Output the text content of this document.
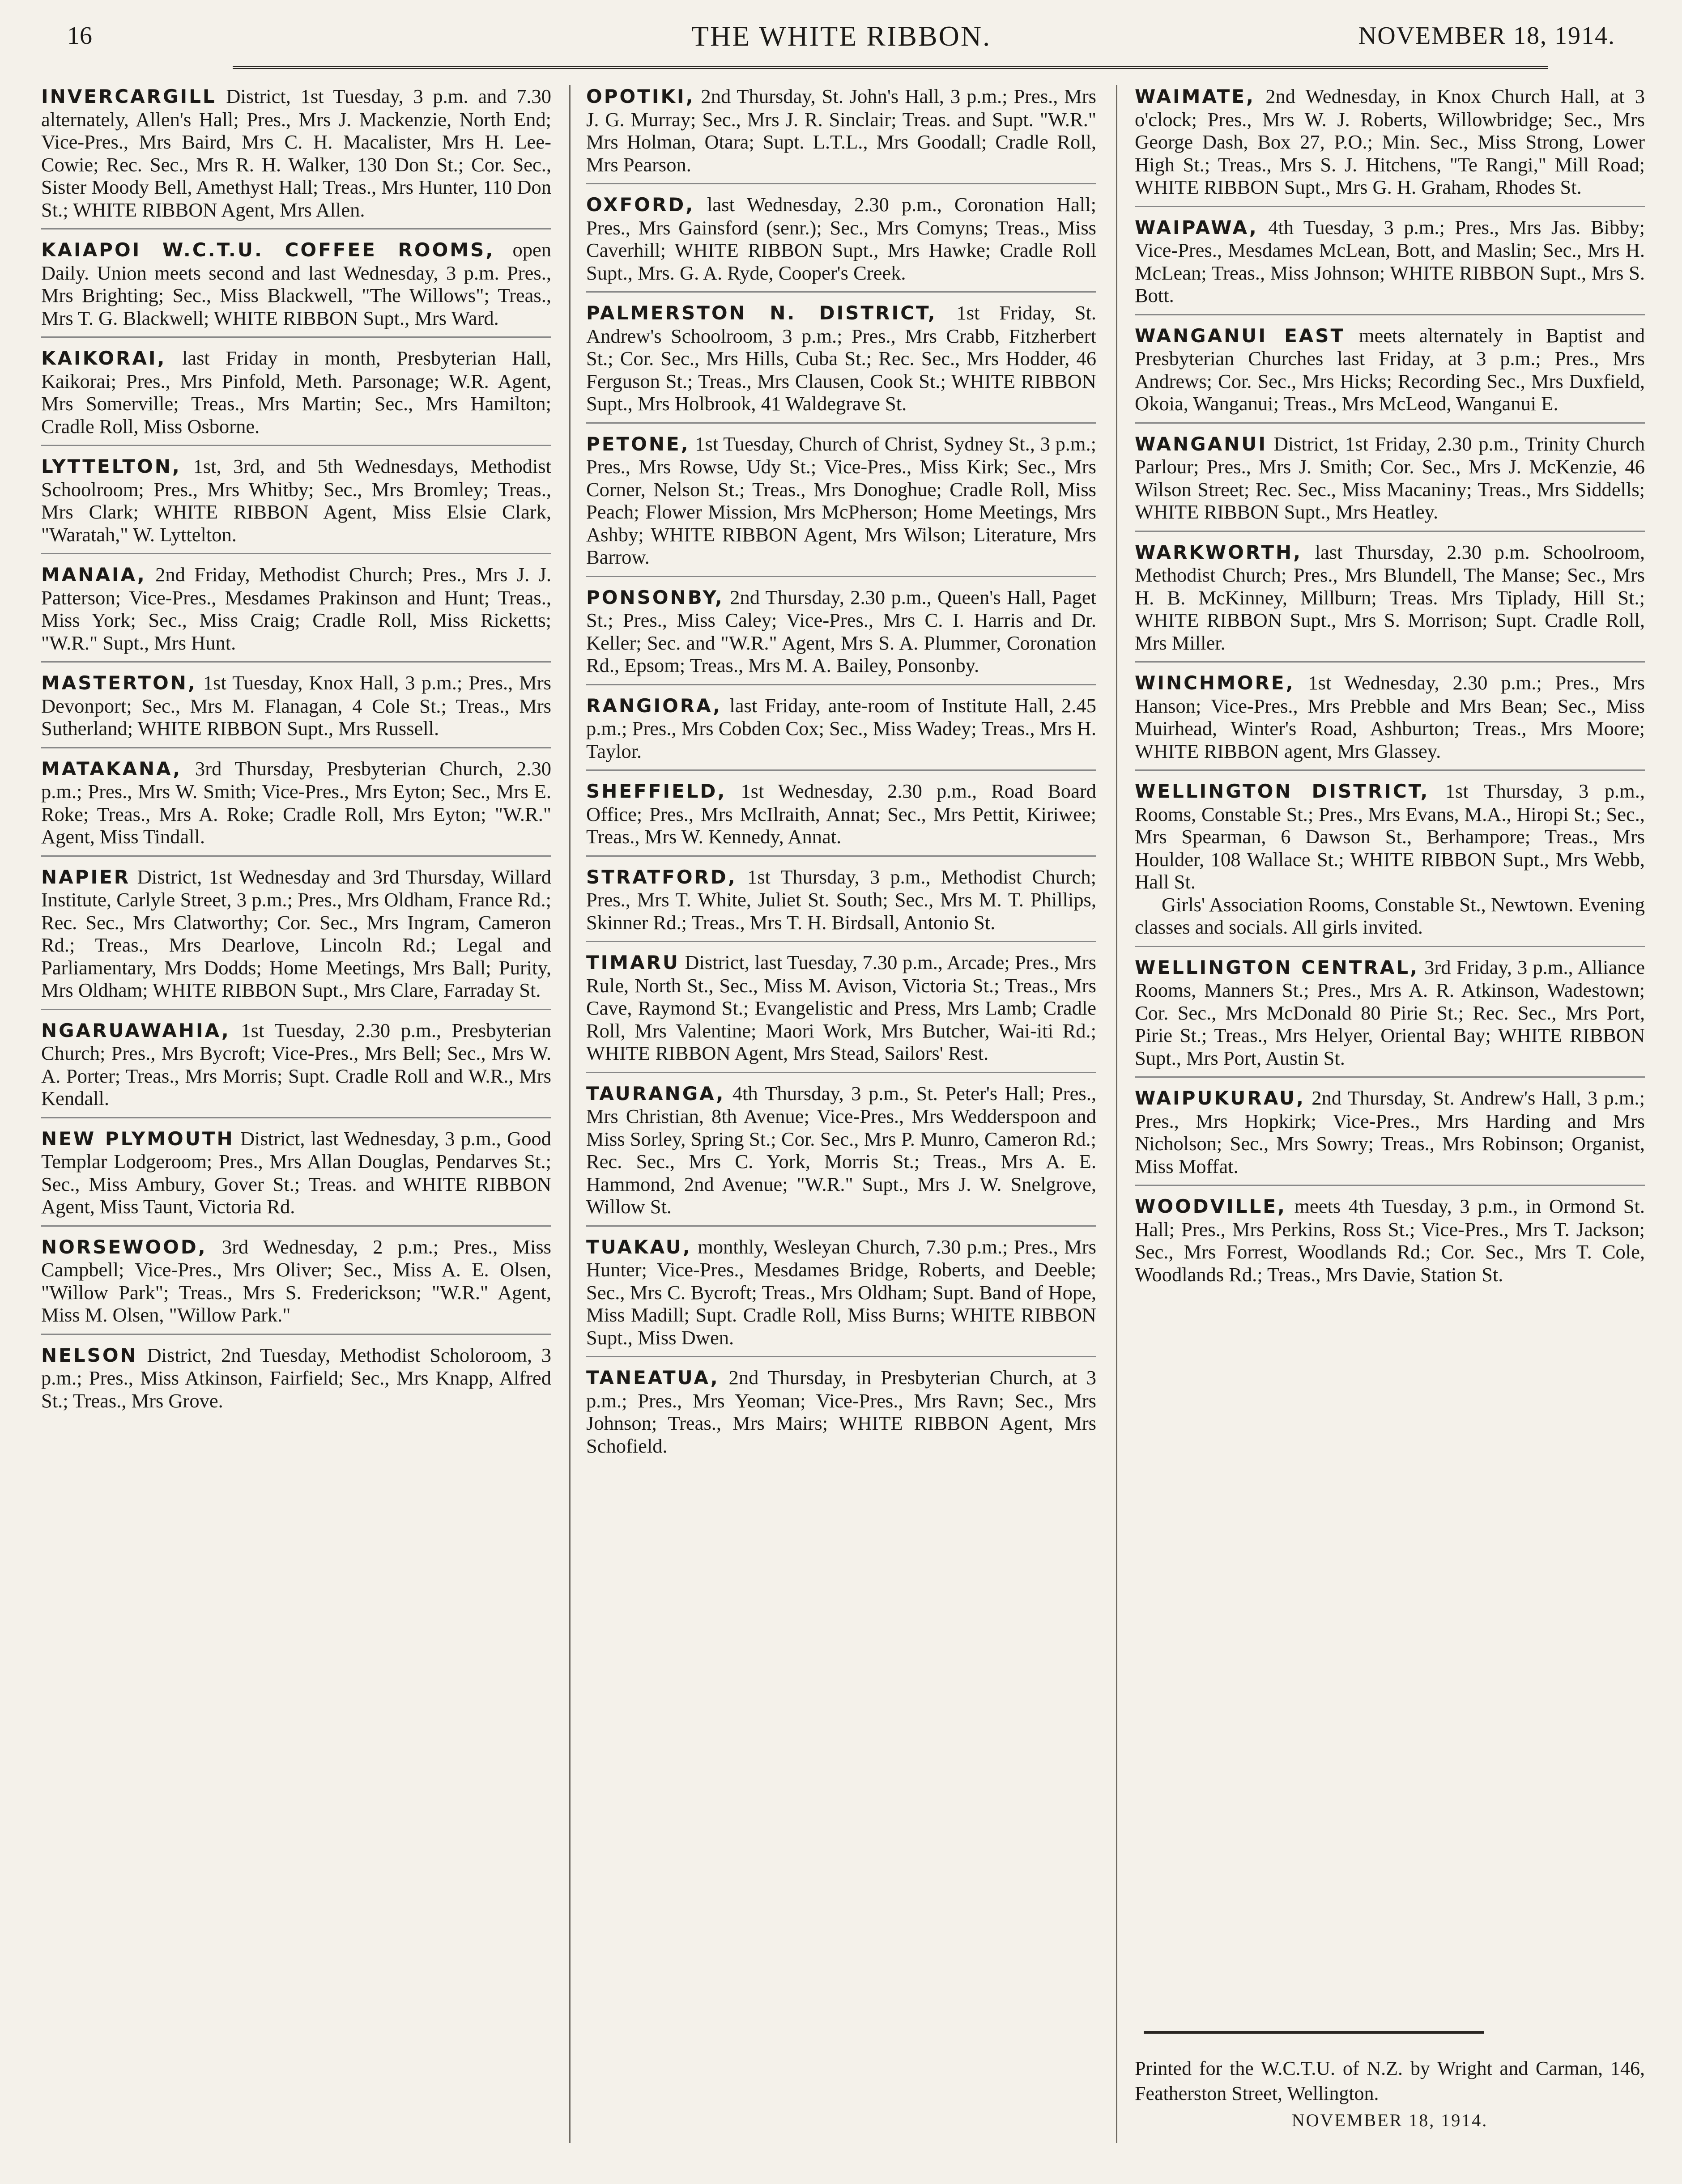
16	THE WHITE RIBBON.	NOVEMBER 18, 1914.
INVERCARGILL District, 1st Tuesday, 3 p.m. and 7.30 alternately, Allen's Hall; Pres., Mrs J. Mackenzie, North End; Vice-Pres., Mrs Baird, Mrs C. H. Macalister, Mrs H. Lee-Cowie; Rec. Sec., Mrs R. H. Walker, 130 Don St.; Cor. Sec., Sister Moody Bell, Amethyst Hall; Treas., Mrs Hunter, 110 Don St.; WHITE RIBBON Agent, Mrs Allen.
KAIAPOI W.C.T.U. COFFEE ROOMS, open Daily. Union meets second and last Wednesday, 3 p.m. Pres., Mrs Brighting; Sec., Miss Blackwell, "The Willows"; Treas., Mrs T. G. Blackwell; WHITE RIBBON Supt., Mrs Ward.
KAIKORAI, last Friday in month, Presbyterian Hall, Kaikorai; Pres., Mrs Pinfold, Meth. Parsonage; W.R. Agent, Mrs Somerville; Treas., Mrs Martin; Sec., Mrs Hamilton; Cradle Roll, Miss Osborne.
LYTTELTON, 1st, 3rd, and 5th Wednesdays, Methodist Schoolroom; Pres., Mrs Whitby; Sec., Mrs Bromley; Treas., Mrs Clark; WHITE RIBBON Agent, Miss Elsie Clark, "Waratah," W. Lyttelton.
MANAIA, 2nd Friday, Methodist Church; Pres., Mrs J. J. Patterson; Vice-Pres., Mesdames Prakinson and Hunt; Treas., Miss York; Sec., Miss Craig; Cradle Roll, Miss Ricketts; "W.R." Supt., Mrs Hunt.
MASTERTON, 1st Tuesday, Knox Hall, 3 p.m.; Pres., Mrs Devonport; Sec., Mrs M. Flanagan, 4 Cole St.; Treas., Mrs Sutherland; WHITE RIBBON Supt., Mrs Russell.
MATAKANA, 3rd Thursday, Presbyterian Church, 2.30 p.m.; Pres., Mrs W. Smith; Vice-Pres., Mrs Eyton; Sec., Mrs E. Roke; Treas., Mrs A. Roke; Cradle Roll, Mrs Eyton; "W.R." Agent, Miss Tindall.
NAPIER District, 1st Wednesday and 3rd Thursday, Willard Institute, Carlyle Street, 3 p.m.; Pres., Mrs Oldham, France Rd.; Rec. Sec., Mrs Clatworthy; Cor. Sec., Mrs Ingram, Cameron Rd.; Treas., Mrs Dearlove, Lincoln Rd.; Legal and Parliamentary, Mrs Dodds; Home Meetings, Mrs Ball; Purity, Mrs Oldham; WHITE RIBBON Supt., Mrs Clare, Farraday St.
NGARUAWAHIA, 1st Tuesday, 2.30 p.m., Presbyterian Church; Pres., Mrs Bycroft; Vice-Pres., Mrs Bell; Sec., Mrs W. A. Porter; Treas., Mrs Morris; Supt. Cradle Roll and W.R., Mrs Kendall.
NEW PLYMOUTH District, last Wednesday, 3 p.m., Good Templar Lodgeroom; Pres., Mrs Allan Douglas, Pendarves St.; Sec., Miss Ambury, Gover St.; Treas. and WHITE RIBBON Agent, Miss Taunt, Victoria Rd.
NORSEWOOD, 3rd Wednesday, 2 p.m.; Pres., Miss Campbell; Vice-Pres., Mrs Oliver; Sec., Miss A. E. Olsen, "Willow Park"; Treas., Mrs S. Frederickson; "W.R." Agent, Miss M. Olsen, "Willow Park."
NELSON District, 2nd Tuesday, Methodist Scholoroom, 3 p.m.; Pres., Miss Atkinson, Fairfield; Sec., Mrs Knapp, Alfred St.; Treas., Mrs Grove.
OPOTIKI, 2nd Thursday, St. John's Hall, 3 p.m.; Pres., Mrs J. G. Murray; Sec., Mrs J. R. Sinclair; Treas. and Supt. "W.R." Mrs Holman, Otara; Supt. L.T.L., Mrs Goodall; Cradle Roll, Mrs Pearson.
OXFORD, last Wednesday, 2.30 p.m., Coronation Hall; Pres., Mrs Gainsford (senr.); Sec., Mrs Comyns; Treas., Miss Caverhill; WHITE RIBBON Supt., Mrs Hawke; Cradle Roll Supt., Mrs. G. A. Ryde, Cooper's Creek.
PALMERSTON N. DISTRICT, 1st Friday, St. Andrew's Schoolroom, 3 p.m.; Pres., Mrs Crabb, Fitzherbert St.; Cor. Sec., Mrs Hills, Cuba St.; Rec. Sec., Mrs Hodder, 46 Ferguson St.; Treas., Mrs Clausen, Cook St.; WHITE RIBBON Supt., Mrs Holbrook, 41 Waldegrave St.
PETONE, 1st Tuesday, Church of Christ, Sydney St., 3 p.m.; Pres., Mrs Rowse, Udy St.; Vice-Pres., Miss Kirk; Sec., Mrs Corner, Nelson St.; Treas., Mrs Donoghue; Cradle Roll, Miss Peach; Flower Mission, Mrs McPherson; Home Meetings, Mrs Ashby; WHITE RIBBON Agent, Mrs Wilson; Literature, Mrs Barrow.
PONSONBY, 2nd Thursday, 2.30 p.m., Queen's Hall, Paget St.; Pres., Miss Caley; Vice-Pres., Mrs C. I. Harris and Dr. Keller; Sec. and "W.R." Agent, Mrs S. A. Plummer, Coronation Rd., Epsom; Treas., Mrs M. A. Bailey, Ponsonby.
RANGIORA, last Friday, ante-room of Institute Hall, 2.45 p.m.; Pres., Mrs Cobden Cox; Sec., Miss Wadey; Treas., Mrs H. Taylor.
SHEFFIELD, 1st Wednesday, 2.30 p.m., Road Board Office; Pres., Mrs McIlraith, Annat; Sec., Mrs Pettit, Kiriwee; Treas., Mrs W. Kennedy, Annat.
STRATFORD, 1st Thursday, 3 p.m., Methodist Church; Pres., Mrs T. White, Juliet St. South; Sec., Mrs M. T. Phillips, Skinner Rd.; Treas., Mrs T. H. Birdsall, Antonio St.
TIMARU District, last Tuesday, 7.30 p.m., Arcade; Pres., Mrs Rule, North St., Sec., Miss M. Avison, Victoria St.; Treas., Mrs Cave, Raymond St.; Evangelistic and Press, Mrs Lamb; Cradle Roll, Mrs Valentine; Maori Work, Mrs Butcher, Wai-iti Rd.; WHITE RIBBON Agent, Mrs Stead, Sailors' Rest.
TAURANGA, 4th Thursday, 3 p.m., St. Peter's Hall; Pres., Mrs Christian, 8th Avenue; Vice-Pres., Mrs Wedderspoon and Miss Sorley, Spring St.; Cor. Sec., Mrs P. Munro, Cameron Rd.; Rec. Sec., Mrs C. York, Morris St.; Treas., Mrs A. E. Hammond, 2nd Avenue; "W.R." Supt., Mrs J. W. Snelgrove, Willow St.
TUAKAU, monthly, Wesleyan Church, 7.30 p.m.; Pres., Mrs Hunter; Vice-Pres., Mesdames Bridge, Roberts, and Deeble; Sec., Mrs C. Bycroft; Treas., Mrs Oldham; Supt. Band of Hope, Miss Madill; Supt. Cradle Roll, Miss Burns; WHITE RIBBON Supt., Miss Dwen.
TANEATUA, 2nd Thursday, in Presbyterian Church, at 3 p.m.; Pres., Mrs Yeoman; Vice-Pres., Mrs Ravn; Sec., Mrs Johnson; Treas., Mrs Mairs; WHITE RIBBON Agent, Mrs Schofield.
WAIMATE, 2nd Wednesday, in Knox Church Hall, at 3 o'clock; Pres., Mrs W. J. Roberts, Willowbridge; Sec., Mrs George Dash, Box 27, P.O.; Min. Sec., Miss Strong, Lower High St.; Treas., Mrs S. J. Hitchens, "Te Rangi," Mill Road; WHITE RIBBON Supt., Mrs G. H. Graham, Rhodes St.
WAIPAWA, 4th Tuesday, 3 p.m.; Pres., Mrs Jas. Bibby; Vice-Pres., Mesdames McLean, Bott, and Maslin; Sec., Mrs H. McLean; Treas., Miss Johnson; WHITE RIBBON Supt., Mrs S. Bott.
WANGANUI EAST meets alternately in Baptist and Presbyterian Churches last Friday, at 3 p.m.; Pres., Mrs Andrews; Cor. Sec., Mrs Hicks; Recording Sec., Mrs Duxfield, Okoia, Wanganui; Treas., Mrs McLeod, Wanganui E.
WANGANUI District, 1st Friday, 2.30 p.m., Trinity Church Parlour; Pres., Mrs J. Smith; Cor. Sec., Mrs J. McKenzie, 46 Wilson Street; Rec. Sec., Miss Macaniny; Treas., Mrs Siddells; WHITE RIBBON Supt., Mrs Heatley.
WARKWORTH, last Thursday, 2.30 p.m. Schoolroom, Methodist Church; Pres., Mrs Blundell, The Manse; Sec., Mrs H. B. McKinney, Millburn; Treas. Mrs Tiplady, Hill St.; WHITE RIBBON Supt., Mrs S. Morrison; Supt. Cradle Roll, Mrs Miller.
WINCHMORE, 1st Wednesday, 2.30 p.m.; Pres., Mrs Hanson; Vice-Pres., Mrs Prebble and Mrs Bean; Sec., Miss Muirhead, Winter's Road, Ashburton; Treas., Mrs Moore; WHITE RIBBON agent, Mrs Glassey.
WELLINGTON DISTRICT, 1st Thursday, 3 p.m., Rooms, Constable St.; Pres., Mrs Evans, M.A., Hiropi St.; Sec., Mrs Spearman, 6 Dawson St., Berhampore; Treas., Mrs Houlder, 108 Wallace St.; WHITE RIBBON Supt., Mrs Webb, Hall St.
Girls' Association Rooms, Constable St., Newtown. Evening classes and socials. All girls invited.
WELLINGTON CENTRAL, 3rd Friday, 3 p.m., Alliance Rooms, Manners St.; Pres., Mrs A. R. Atkinson, Wadestown; Cor. Sec., Mrs McDonald 80 Pirie St.; Rec. Sec., Mrs Port, Pirie St.; Treas., Mrs Helyer, Oriental Bay; WHITE RIBBON Supt., Mrs Port, Austin St.
WAIPUKURAU, 2nd Thursday, St. Andrew's Hall, 3 p.m.; Pres., Mrs Hopkirk; Vice-Pres., Mrs Harding and Mrs Nicholson; Sec., Mrs Sowry; Treas., Mrs Robinson; Organist, Miss Moffat.
WOODVILLE, meets 4th Tuesday, 3 p.m., in Ormond St. Hall; Pres., Mrs Perkins, Ross St.; Vice-Pres., Mrs T. Jackson; Sec., Mrs Forrest, Woodlands Rd.; Cor. Sec., Mrs T. Cole, Woodlands Rd.; Treas., Mrs Davie, Station St.
Printed for the W.C.T.U. of N.Z. by Wright and Carman, 146, Featherston Street, Wellington.
NOVEMBER 18, 1914.
